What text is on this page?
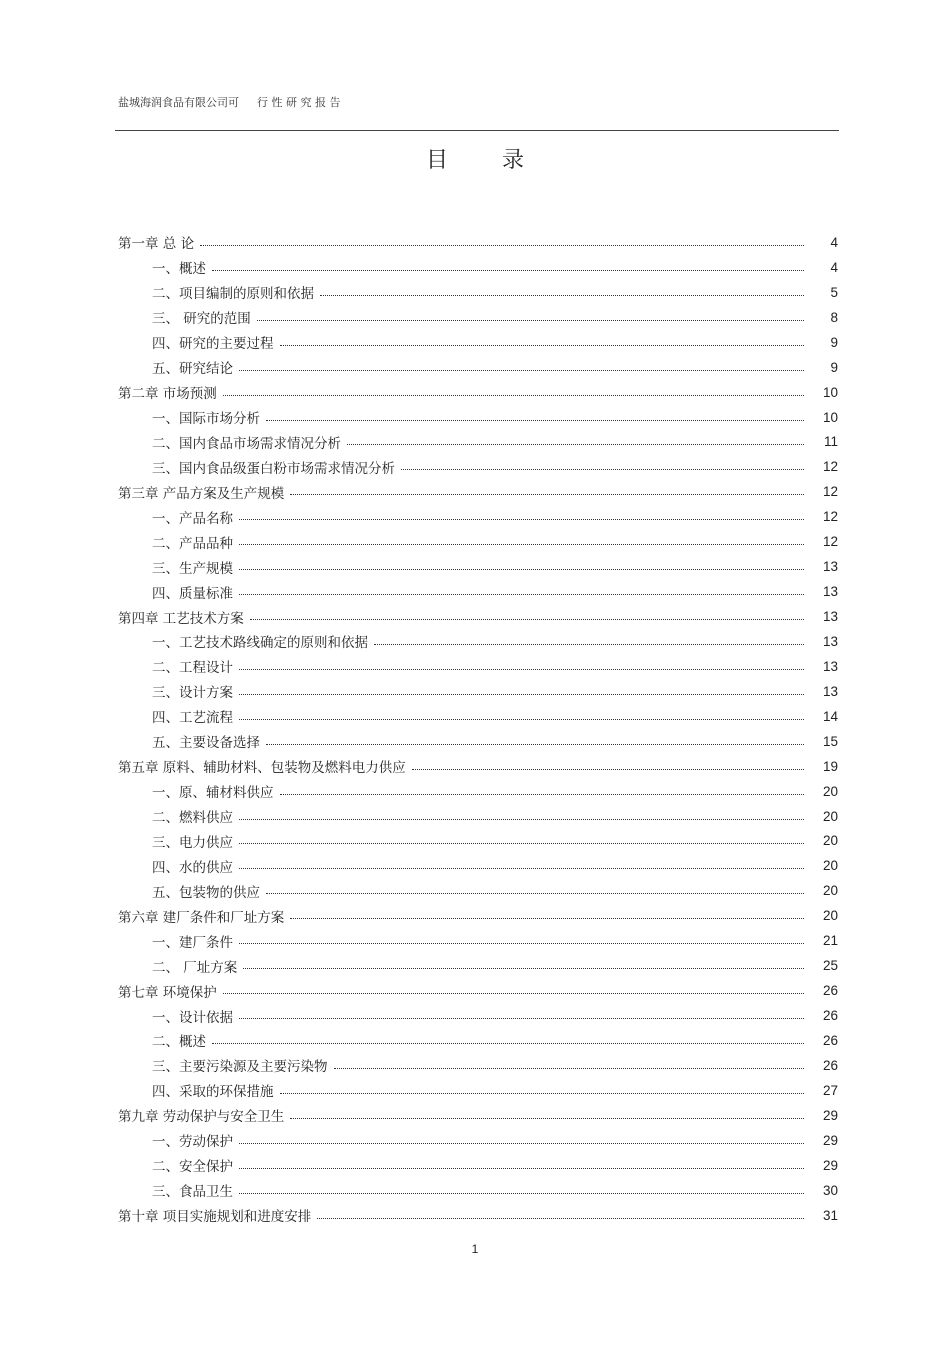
盐城海润食品有限公司可 行 性 研 究 报 告
目录
第一章 总 论	4
一、概述	4
二、项目编制的原则和依据	5
三、 研究的范围	8
四、研究的主要过程	9
五、研究结论	9
第二章 市场预测	10
一、国际市场分析	10
二、国内食品市场需求情况分析	11
三、国内食品级蛋白粉市场需求情况分析	12
第三章 产品方案及生产规模	12
一、产品名称	12
二、产品品种	12
三、生产规模	13
四、质量标准	13
第四章 工艺技术方案	13
一、工艺技术路线确定的原则和依据	13
二、工程设计	13
三、设计方案	13
四、工艺流程	14
五、主要设备选择	15
第五章 原料、辅助材料、包装物及燃料电力供应	19
一、原、辅材料供应	20
二、燃料供应	20
三、电力供应	20
四、水的供应	20
五、包装物的供应	20
第六章 建厂条件和厂址方案	20
一、建厂条件	21
二、 厂址方案	25
第七章 环境保护	26
一、设计依据	26
二、概述	26
三、主要污染源及主要污染物	26
四、采取的环保措施	27
第九章 劳动保护与安全卫生	29
一、劳动保护	29
二、安全保护	29
三、食品卫生	30
第十章 项目实施规划和进度安排	31
1
